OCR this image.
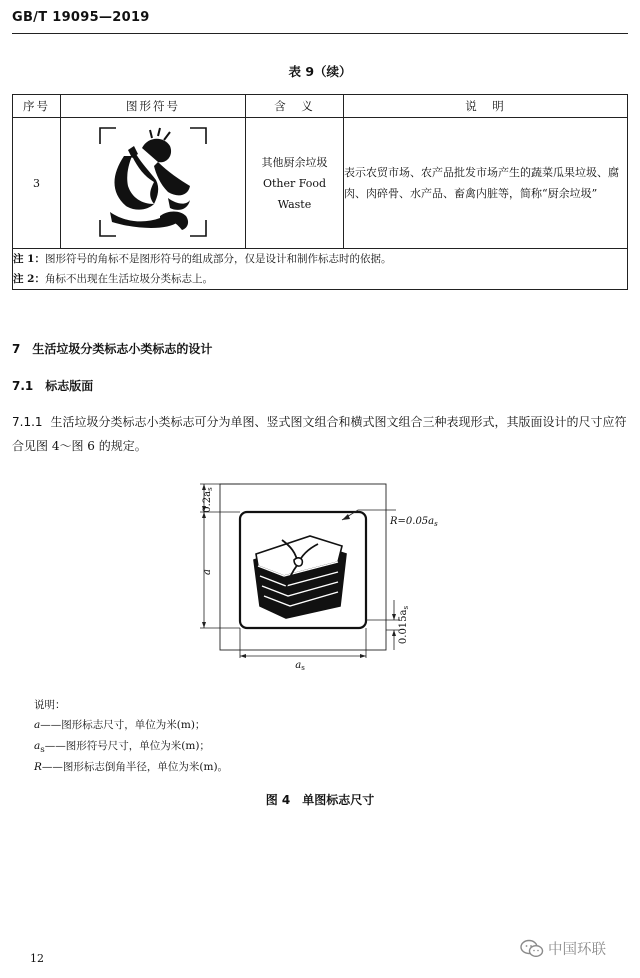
GB/T 19095—2019
表 9（续）
序号	图形符号	含　义	说　明
3		其他厨余垃圾
Other Food
Waste	表示农贸市场、农产品批发市场产生的蔬菜瓜果垃圾、腐肉、肉碎骨、水产品、畜禽内脏等，简称“厨余垃圾”

注 1：图形符号的角标不是图形符号的组成部分，仅是设计和制作标志时的依据。
注 2：角标不出现在生活垃圾分类标志上。			
7　 生活垃圾分类标志小类标志的设计
7.1　 标志版面
7.1.1 生活垃圾分类标志小类标志可分为单图、竖式图文组合和横式图文组合三种表现形式，其版面设计的尺寸应符合见图 4～图 6 的规定。
$0.2a_s$
a
$a_s$
$0.015a_s$
$R=0.05a_s$
说明：
a——图形标志尺寸，单位为米(m)；
$a_s——$图形符号尺寸，单位为米(m)；
R——图形标志倒角半径，单位为米(m)。
图 4　单图标志尺寸
12
中国环联
